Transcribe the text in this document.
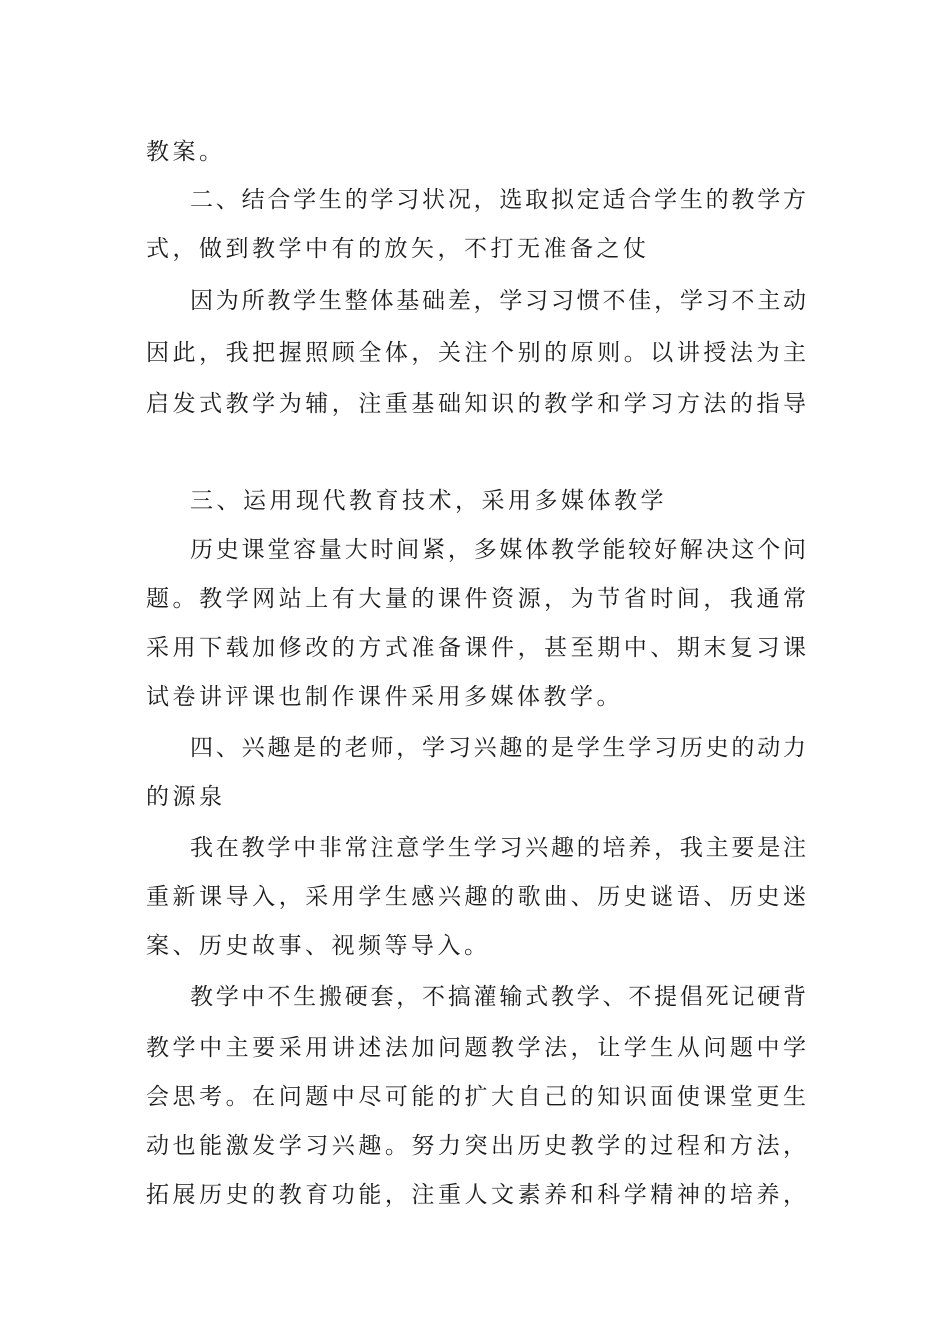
教案。
二、结合学生的学习状况，选取拟定适合学生的教学方
式，做到教学中有的放矢，不打无准备之仗
因为所教学生整体基础差，学习习惯不佳，学习不主动
因此，我把握照顾全体，关注个别的原则。以讲授法为主
启发式教学为辅，注重基础知识的教学和学习方法的指导
三、运用现代教育技术，采用多媒体教学
历史课堂容量大时间紧，多媒体教学能较好解决这个问
题。教学网站上有大量的课件资源，为节省时间，我通常
采用下载加修改的方式准备课件，甚至期中、期末复习课
试卷讲评课也制作课件采用多媒体教学。
四、兴趣是的老师，学习兴趣的是学生学习历史的动力
的源泉
我在教学中非常注意学生学习兴趣的培养，我主要是注
重新课导入，采用学生感兴趣的歌曲、历史谜语、历史迷
案、历史故事、视频等导入。
教学中不生搬硬套，不搞灌输式教学、不提倡死记硬背
教学中主要采用讲述法加问题教学法，让学生从问题中学
会思考。在问题中尽可能的扩大自己的知识面使课堂更生
动也能激发学习兴趣。努力突出历史教学的过程和方法，
拓展历史的教育功能，注重人文素养和科学精神的培养，
